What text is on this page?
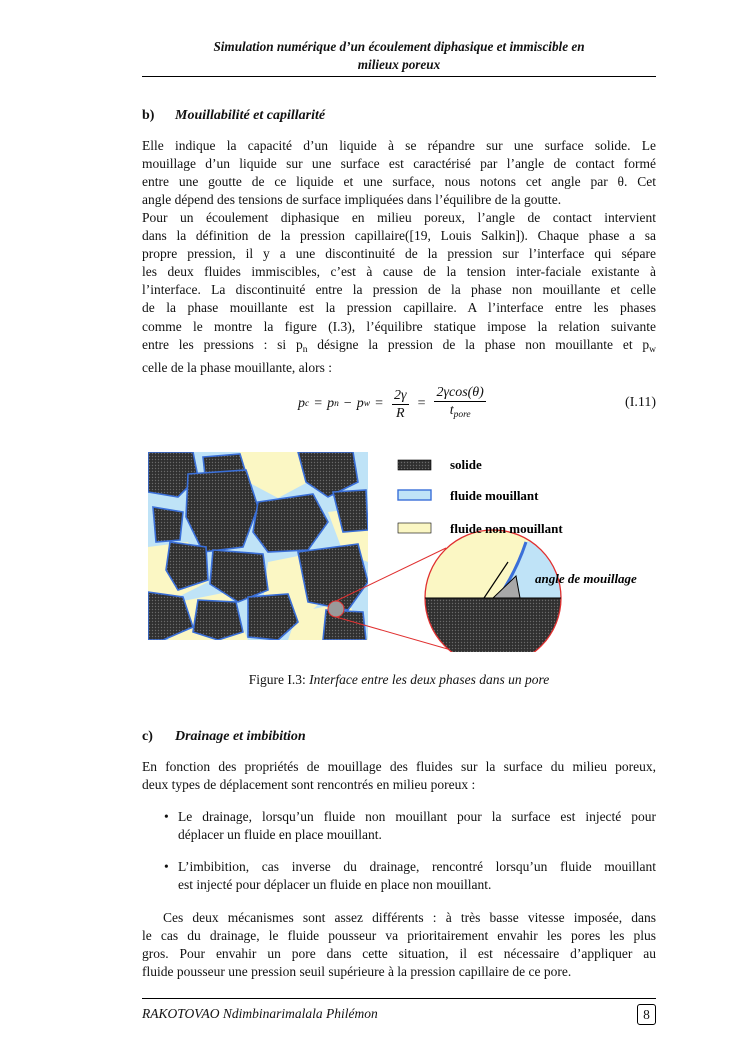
Simulation numérique d’un écoulement diphasique et immiscible en
milieux poreux
b) Mouillabilité et capillarité
Elle indique la capacité d’un liquide à se répandre sur une surface solide. Le
mouillage d’un liquide sur une surface est caractérisé par l’angle de contact formé
entre une goutte de ce liquide et une surface, nous notons cet angle par θ. Cet
angle dépend des tensions de surface impliquées dans l’équilibre de la goutte.
Pour un écoulement diphasique en milieu poreux, l’angle de contact intervient
dans la définition de la pression capillaire([19, Louis Salkin]). Chaque phase a sa
propre pression, il y a une discontinuité de la pression sur l’interface qui sépare
les deux fluides immiscibles, c’est à cause de la tension inter-faciale existante à
l’interface. La discontinuité entre la pression de la phase non mouillante et celle
de la phase mouillante est la pression capillaire. A l’interface entre les phases
comme le montre la figure (I.3), l’équilibre statique impose la relation suivante
entre les pressions : si $p_n$ désigne la pression de la phase non mouillante et $p_w$
celle de la phase mouillante, alors :
p c = p n − p $w = \frac{2\gamma}{R} = \frac{2\gamma\cos(\theta)}{t_{pore}}$	(I.11)
solide
fluide mouillant
fluide non mouillant
angle de mouillage
Figure I.3: Interface entre les deux phases dans un pore
c) Drainage et imbibition
En fonction des propriétés de mouillage des fluides sur la surface du milieu poreux,
deux types de déplacement sont rencontrés en milieu poreux :
• Le drainage, lorsqu’un fluide non mouillant pour la surface est injecté pour
déplacer un fluide en place mouillant.
• L’imbibition, cas inverse du drainage, rencontré lorsqu’un fluide mouillant
est injecté pour déplacer un fluide en place non mouillant.
Ces deux mécanismes sont assez différents : à très basse vitesse imposée, dans
le cas du drainage, le fluide pousseur va prioritairement envahir les pores les plus
gros. Pour envahir un pore dans cette situation, il est nécessaire d’appliquer au
fluide pousseur une pression seuil supérieure à la pression capillaire de ce pore.
RAKOTOVAO Ndimbinarimalala Philémon	8
